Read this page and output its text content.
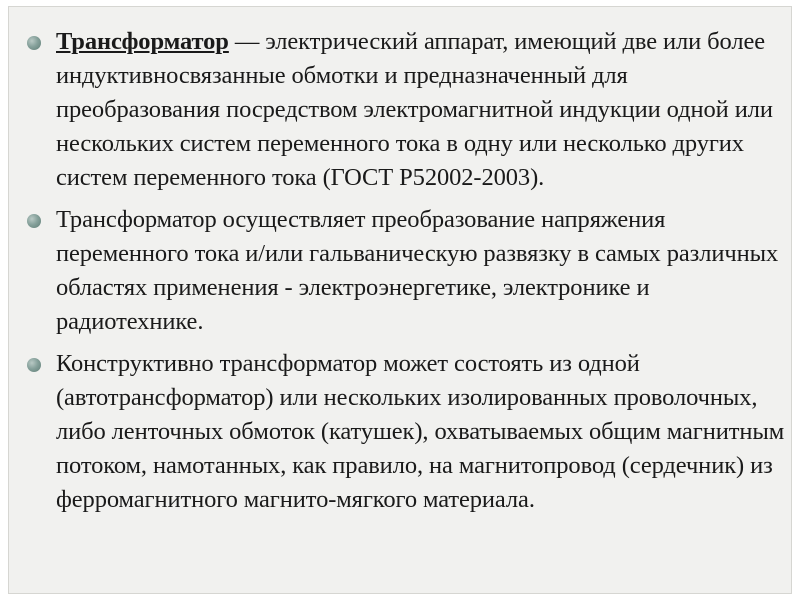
Трансформатор — электрический аппарат, имеющий две или более индуктивносвязанные обмотки и предназначенный для преобразования посредством электромагнитной индукции одной или нескольких систем переменного тока в одну или несколько других систем переменного тока (ГОСТ Р52002-2003).
Трансформатор осуществляет преобразование напряжения переменного тока и/или гальваническую развязку в самых различных областях применения - электроэнергетике, электронике и радиотехнике.
Конструктивно трансформатор может состоять из одной (автотрансформатор) или нескольких изолированных проволочных, либо ленточных обмоток (катушек), охватываемых общим магнитным потоком, намотанных, как правило, на магнитопровод (сердечник) из ферромагнитного магнито-мягкого материала.
